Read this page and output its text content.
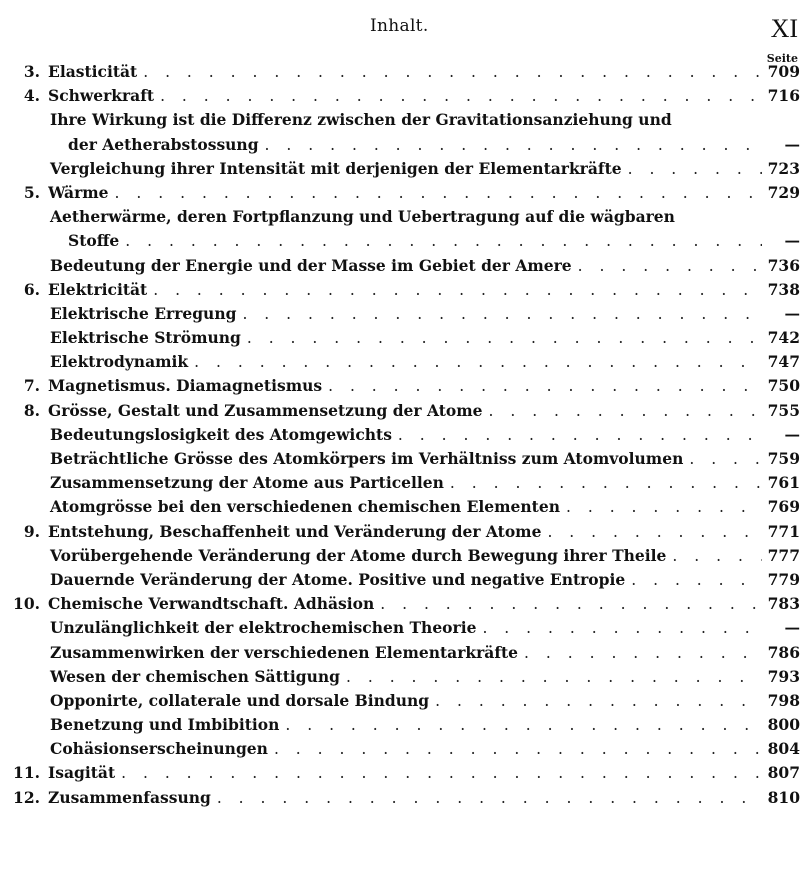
Inhalt.	XI
Seite
3. Elasticität . . .	709
4. Schwerkraft . . .	716
Ihre Wirkung ist die Differenz zwischen der Gravitationsanziehung und
der Aetherabstossung . . .	—
Vergleichung ihrer Intensität mit derjenigen der Elementarkräfte . . .	723
5. Wärme . . .	729
Aetherwärme, deren Fortpflanzung und Uebertragung auf die wägbaren
Stoffe . . .	—
Bedeutung der Energie und der Masse im Gebiet der Amere . . .	736
6. Elektricität . . .	738
Elektrische Erregung . . .	—
Elektrische Strömung . . .	742
Elektrodynamik . . .	747
7. Magnetismus. Diamagnetismus . . .	750
8. Grösse, Gestalt und Zusammensetzung der Atome . . .	755
Bedeutungslosigkeit des Atomgewichts . . .	—
Beträchtliche Grösse des Atomkörpers im Verhältniss zum Atomvolumen . . .	759
Zusammensetzung der Atome aus Particellen . . .	761
Atomgrösse bei den verschiedenen chemischen Elementen . . .	769
9. Entstehung, Beschaffenheit und Veränderung der Atome . . .	771
Vorübergehende Veränderung der Atome durch Bewegung ihrer Theile . . .	777
Dauernde Veränderung der Atome. Positive und negative Entropie . . .	779
10. Chemische Verwandtschaft. Adhäsion . . .	783
Unzulänglichkeit der elektrochemischen Theorie . . .	—
Zusammenwirken der verschiedenen Elementarkräfte . . .	786
Wesen der chemischen Sättigung . . .	793
Opponirte, collaterale und dorsale Bindung . . .	798
Benetzung und Imbibition . . .	800
Cohäsionserscheinungen . . .	804
11. Isagität . . .	807
12. Zusammenfassung . . .	810
